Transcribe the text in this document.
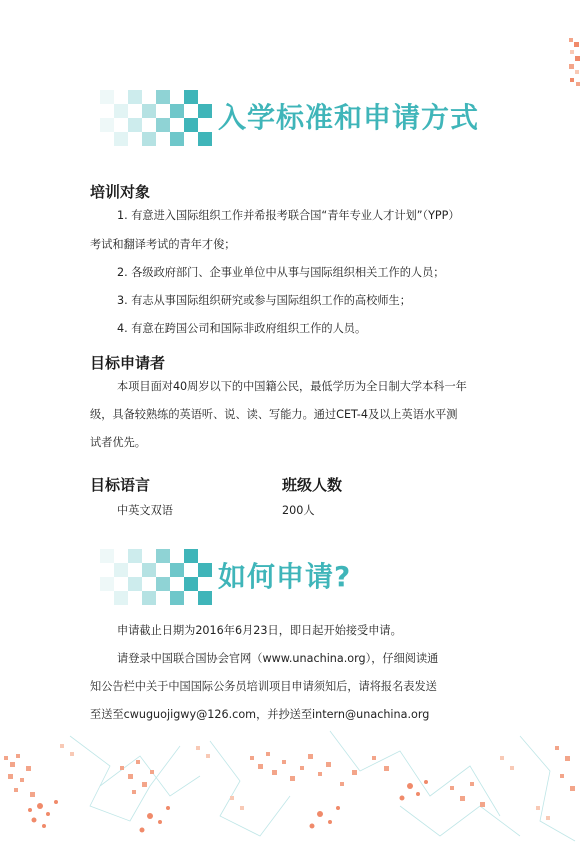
入学标准和申请方式
培训对象
1. 有意进入国际组织工作并希报考联合国“青年专业人才计划”（YPP）
考试和翻译考试的青年才俊；
2. 各级政府部门、企事业单位中从事与国际组织相关工作的人员；
3. 有志从事国际组织研究或参与国际组织工作的高校师生；
4. 有意在跨国公司和国际非政府组织工作的人员。
目标申请者
本项目面对40周岁以下的中国籍公民，最低学历为全日制大学本科一年
级，具备较熟练的英语听、说、读、写能力。通过CET-4及以上英语水平测
试者优先。
目标语言	班级人数
中英文双语	200人
如何申请?
申请截止日期为2016年6月23日，即日起开始接受申请。
请登录中国联合国协会官网（www.unachina.org），仔细阅读通
知公告栏中关于中国国际公务员培训项目申请须知后，请将报名表发送
至送至cwuguojigwy@126.com，并抄送至intern@unachina.org
